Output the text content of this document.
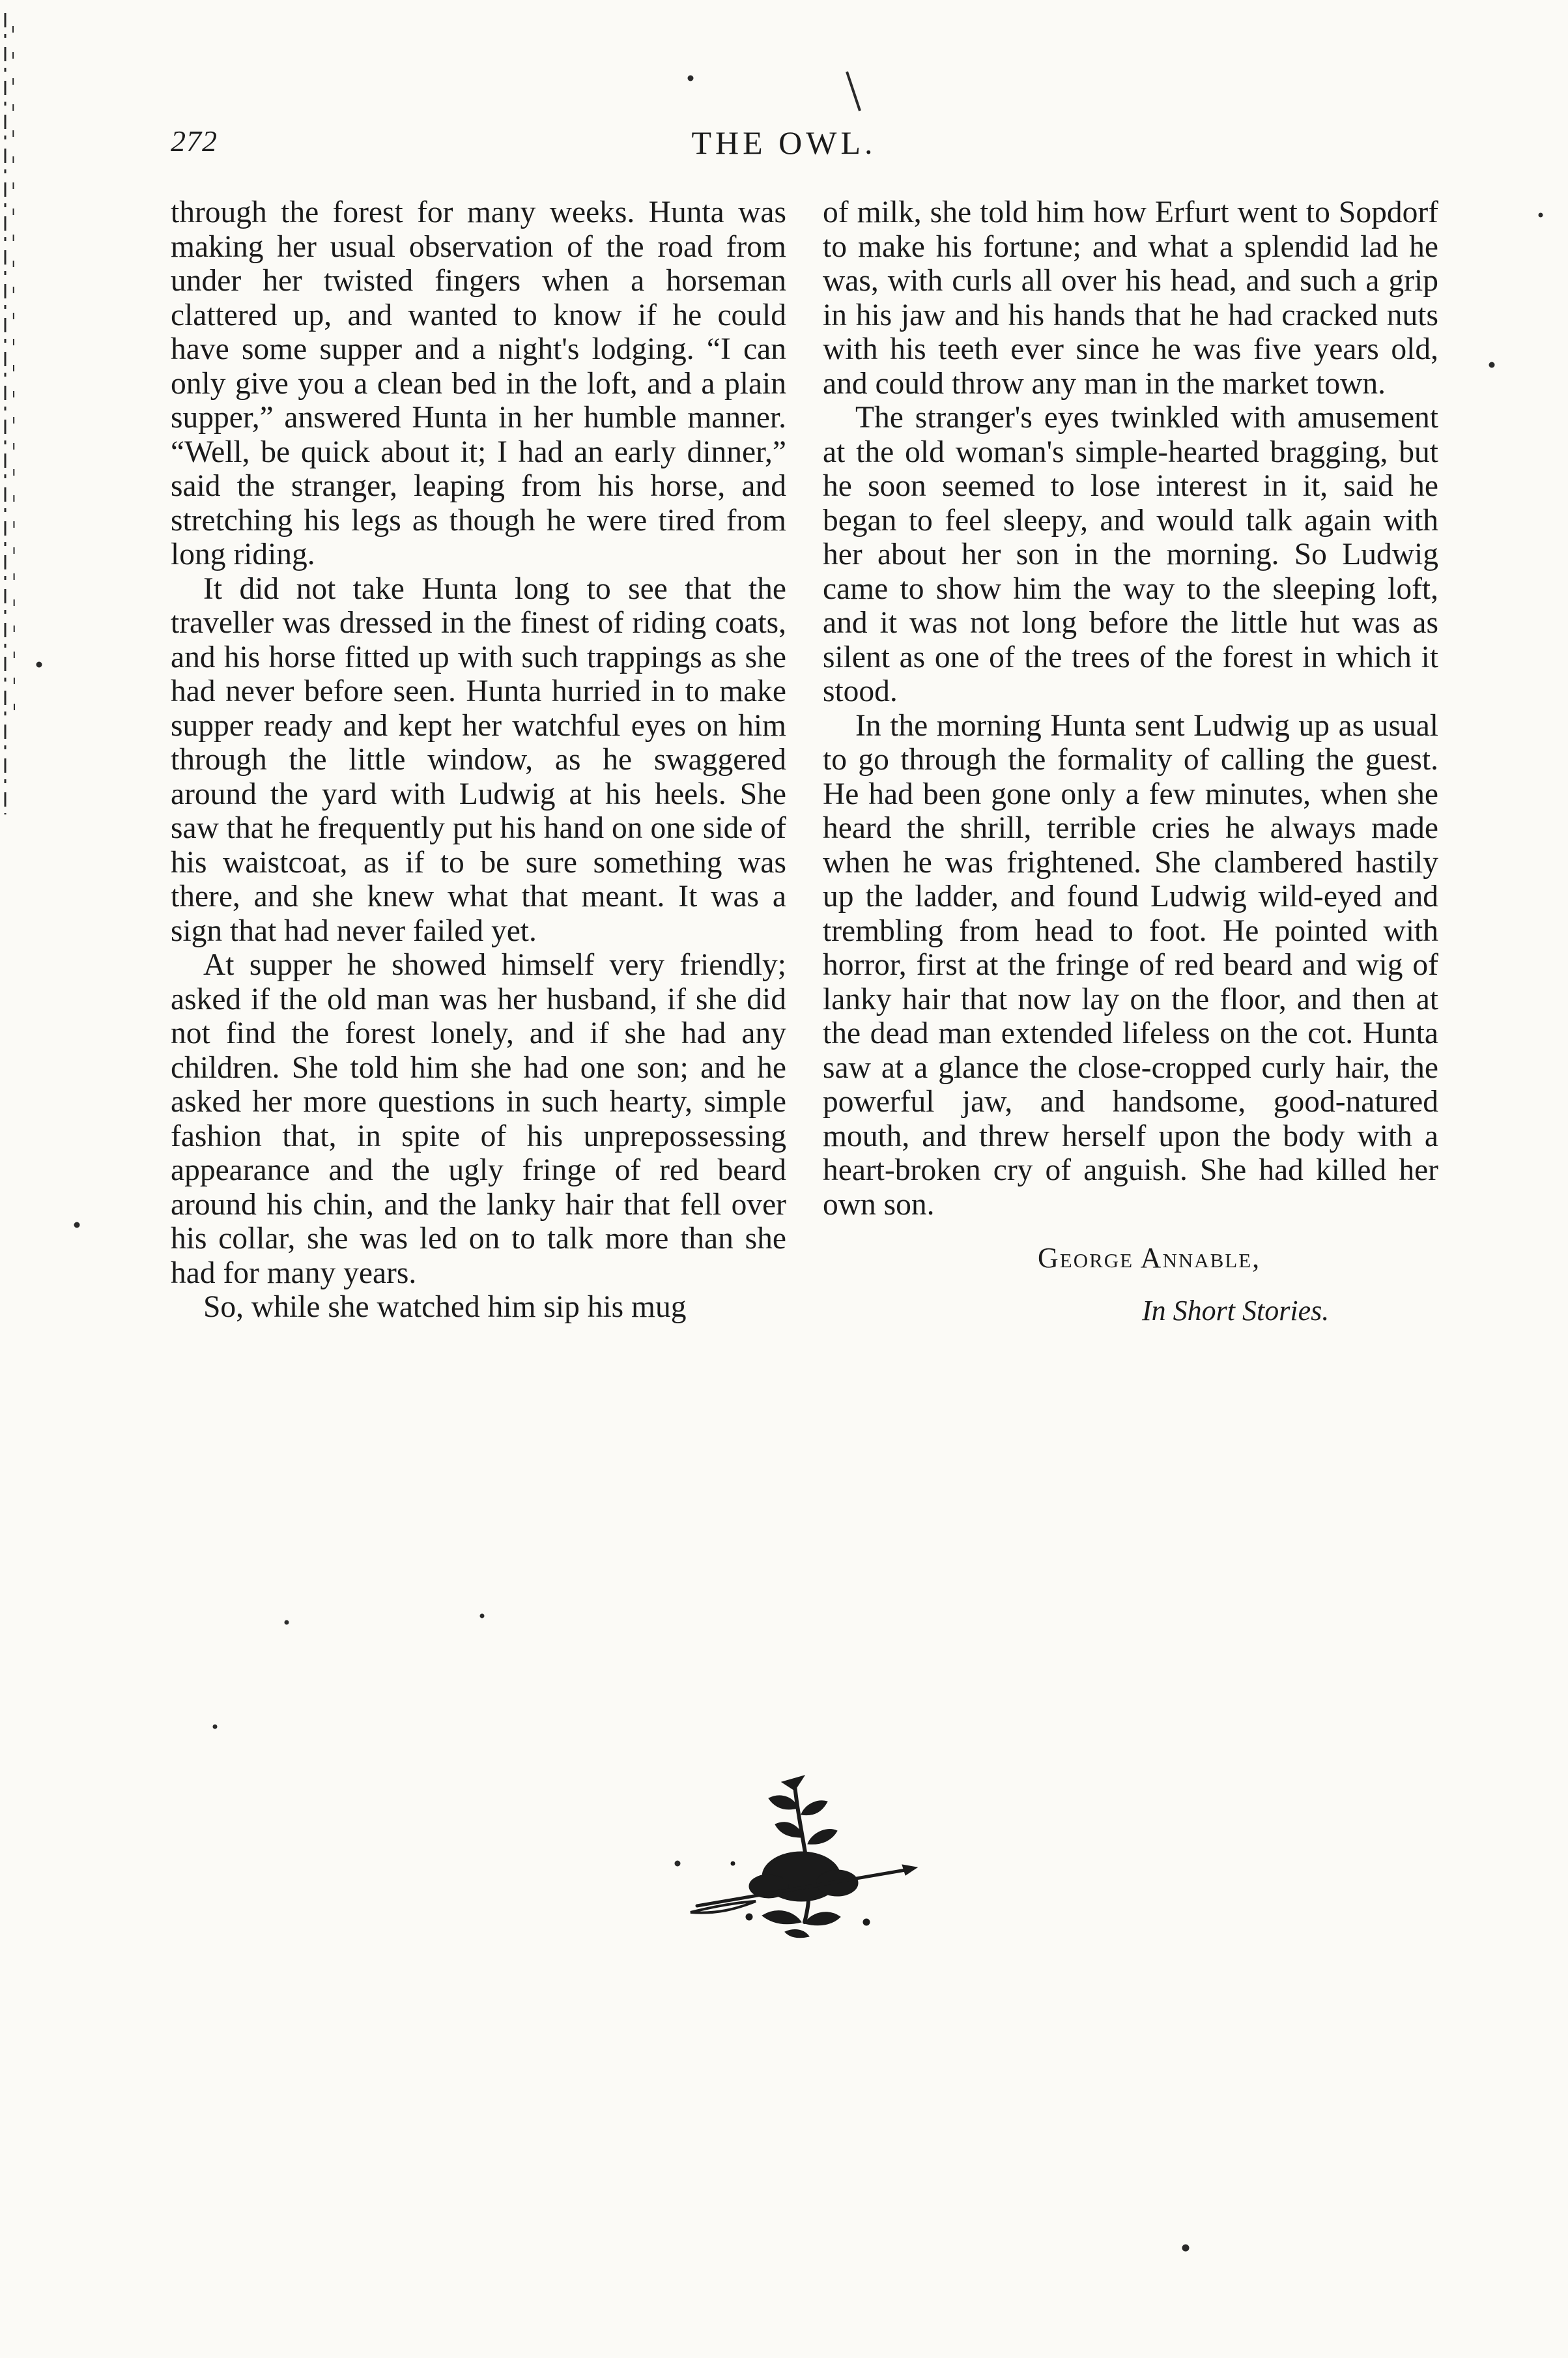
272	THE OWL.

through the forest for many weeks. Hunta was making her usual observation of the road from under her twisted fingers when a horseman clattered up, and wanted to know if he could have some supper and a night's lodging. “I can only give you a clean bed in the loft, and a plain supper,” answered Hunta in her humble manner. “Well, be quick about it; I had an early dinner,” said the stranger, leaping from his horse, and stretching his legs as though he were tired from long riding.

It did not take Hunta long to see that the traveller was dressed in the finest of riding coats, and his horse fitted up with such trappings as she had never before seen. Hunta hurried in to make supper ready and kept her watchful eyes on him through the little window, as he swaggered around the yard with Ludwig at his heels. She saw that he frequently put his hand on one side of his waistcoat, as if to be sure something was there, and she knew what that meant. It was a sign that had never failed yet.

At supper he showed himself very friendly; asked if the old man was her husband, if she did not find the forest lonely, and if she had any children. She told him she had one son; and he asked her more questions in such hearty, simple fashion that, in spite of his unprepossessing appearance and the ugly fringe of red beard around his chin, and the lanky hair that fell over his collar, she was led on to talk more than she had for many years.

So, while she watched him sip his mug

of milk, she told him how Erfurt went to Sopdorf to make his fortune; and what a splendid lad he was, with curls all over his head, and such a grip in his jaw and his hands that he had cracked nuts with his teeth ever since he was five years old, and could throw any man in the market town.

The stranger's eyes twinkled with amusement at the old woman's simple-hearted bragging, but he soon seemed to lose interest in it, said he began to feel sleepy, and would talk again with her about her son in the morning. So Ludwig came to show him the way to the sleeping loft, and it was not long before the little hut was as silent as one of the trees of the forest in which it stood.

In the morning Hunta sent Ludwig up as usual to go through the formality of calling the guest. He had been gone only a few minutes, when she heard the shrill, terrible cries he always made when he was frightened. She clambered hastily up the ladder, and found Ludwig wild-eyed and trembling from head to foot. He pointed with horror, first at the fringe of red beard and wig of lanky hair that now lay on the floor, and then at the dead man extended lifeless on the cot. Hunta saw at a glance the close-cropped curly hair, the powerful jaw, and handsome, good-natured mouth, and threw herself upon the body with a heart-broken cry of anguish. She had killed her own son.

George Annable,
In Short Stories.
